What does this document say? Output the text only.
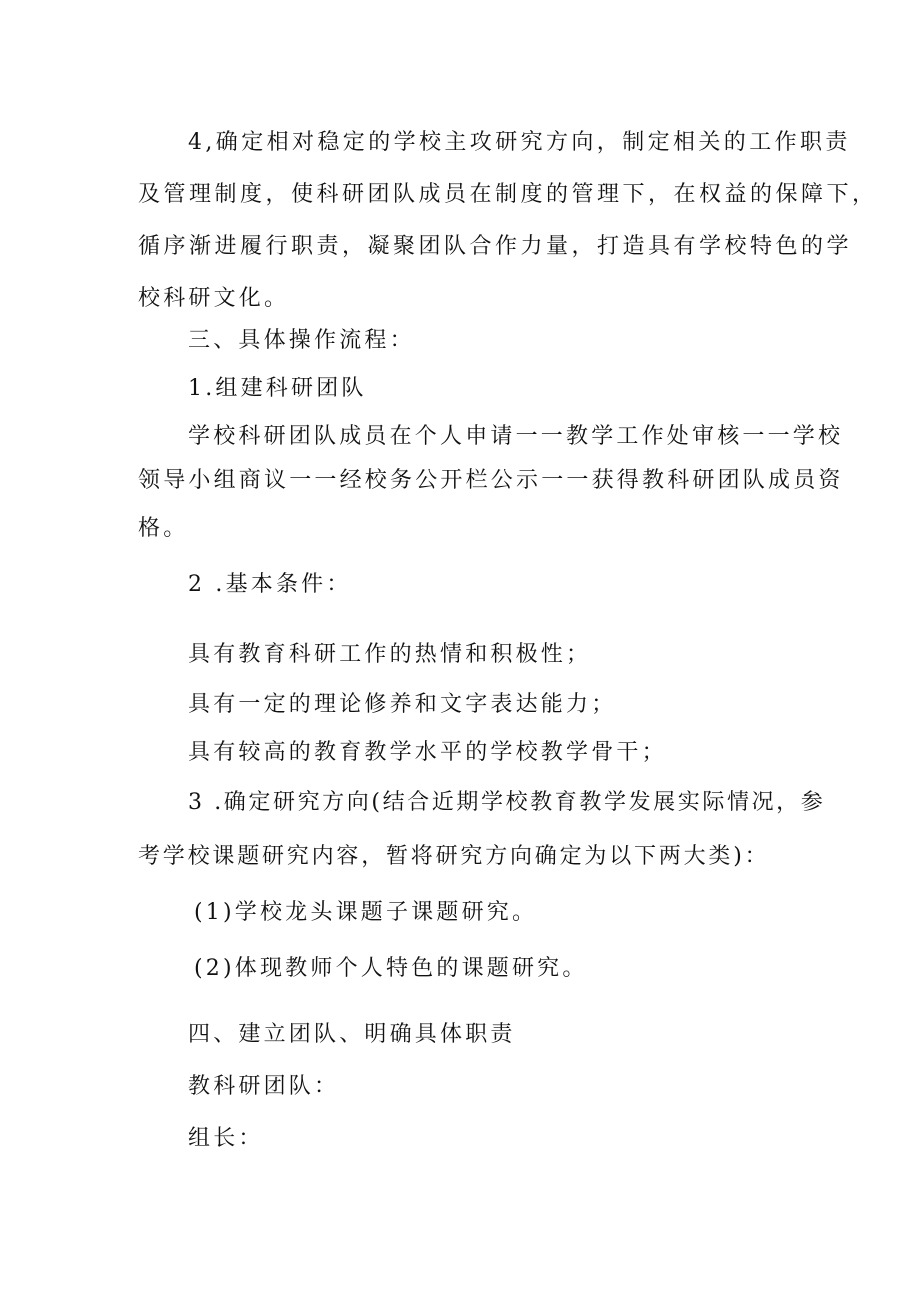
4,确定相对稳定的学校主攻研究方向，制定相关的工作职责
及管理制度，使科研团队成员在制度的管理下，在权益的保障下，
循序渐进履行职责，凝聚团队合作力量，打造具有学校特色的学
校科研文化。
三、具体操作流程：
1.组建科研团队
学校科研团队成员在个人申请一一教学工作处审核一一学校
领导小组商议一一经校务公开栏公示一一获得教科研团队成员资
格。
2 .基本条件：
具有教育科研工作的热情和积极性；
具有一定的理论修养和文字表达能力；
具有较高的教育教学水平的学校教学骨干；
3 .确定研究方向(结合近期学校教育教学发展实际情况，参
考学校课题研究内容，暂将研究方向确定为以下两大类)：
(1)学校龙头课题子课题研究。
(2)体现教师个人特色的课题研究。
四、建立团队、明确具体职责
教科研团队：
组长：
